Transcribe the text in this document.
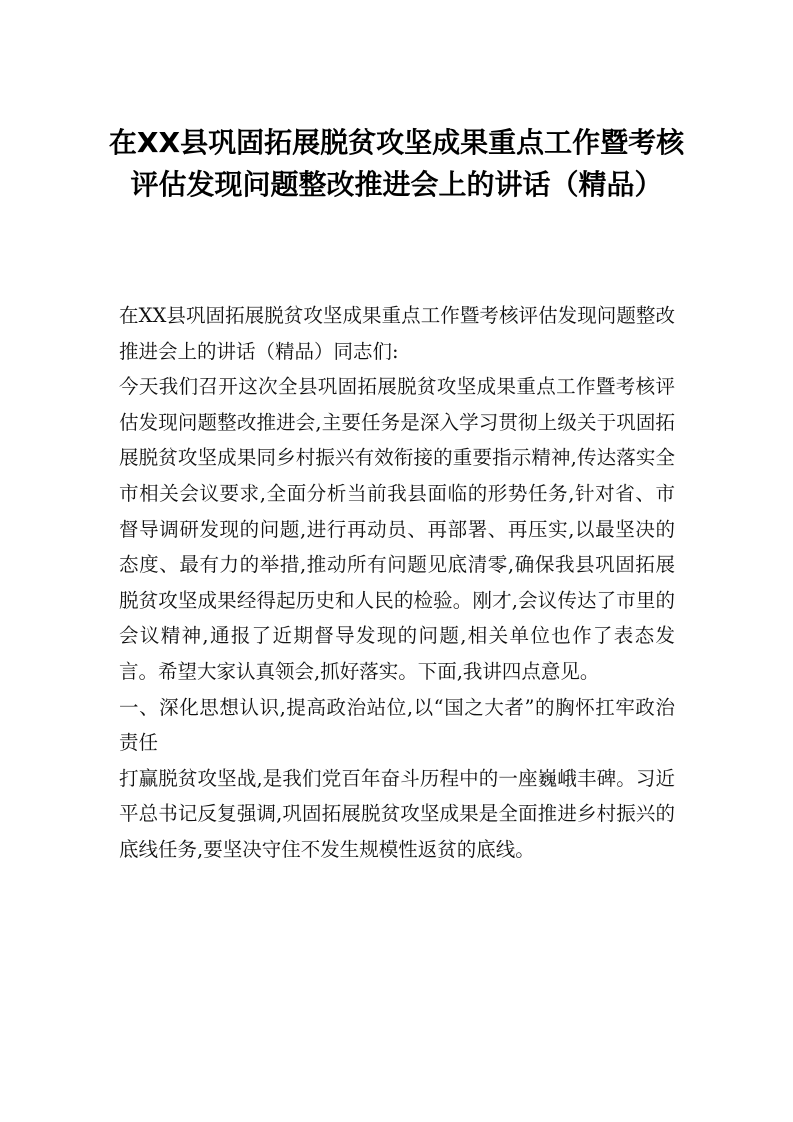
在XX县巩固拓展脱贫攻坚成果重点工作暨考核评估发现问题整改推进会上的讲话（精品）

在XX县巩固拓展脱贫攻坚成果重点工作暨考核评估发现问题整改推进会上的讲话（精品）同志们:

今天我们召开这次全县巩固拓展脱贫攻坚成果重点工作暨考核评估发现问题整改推进会,主要任务是深入学习贯彻上级关于巩固拓展脱贫攻坚成果同乡村振兴有效衔接的重要指示精神,传达落实全市相关会议要求,全面分析当前我县面临的形势任务,针对省、市督导调研发现的问题,进行再动员、再部署、再压实,以最坚决的态度、最有力的举措,推动所有问题见底清零,确保我县巩固拓展脱贫攻坚成果经得起历史和人民的检验。刚才,会议传达了市里的会议精神,通报了近期督导发现的问题,相关单位也作了表态发言。希望大家认真领会,抓好落实。下面,我讲四点意见。

一、深化思想认识,提高政治站位,以“国之大者”的胸怀扛牢政治责任

打赢脱贫攻坚战,是我们党百年奋斗历程中的一座巍峨丰碑。习近平总书记反复强调,巩固拓展脱贫攻坚成果是全面推进乡村振兴的底线任务,要坚决守住不发生规模性返贫的底线。
